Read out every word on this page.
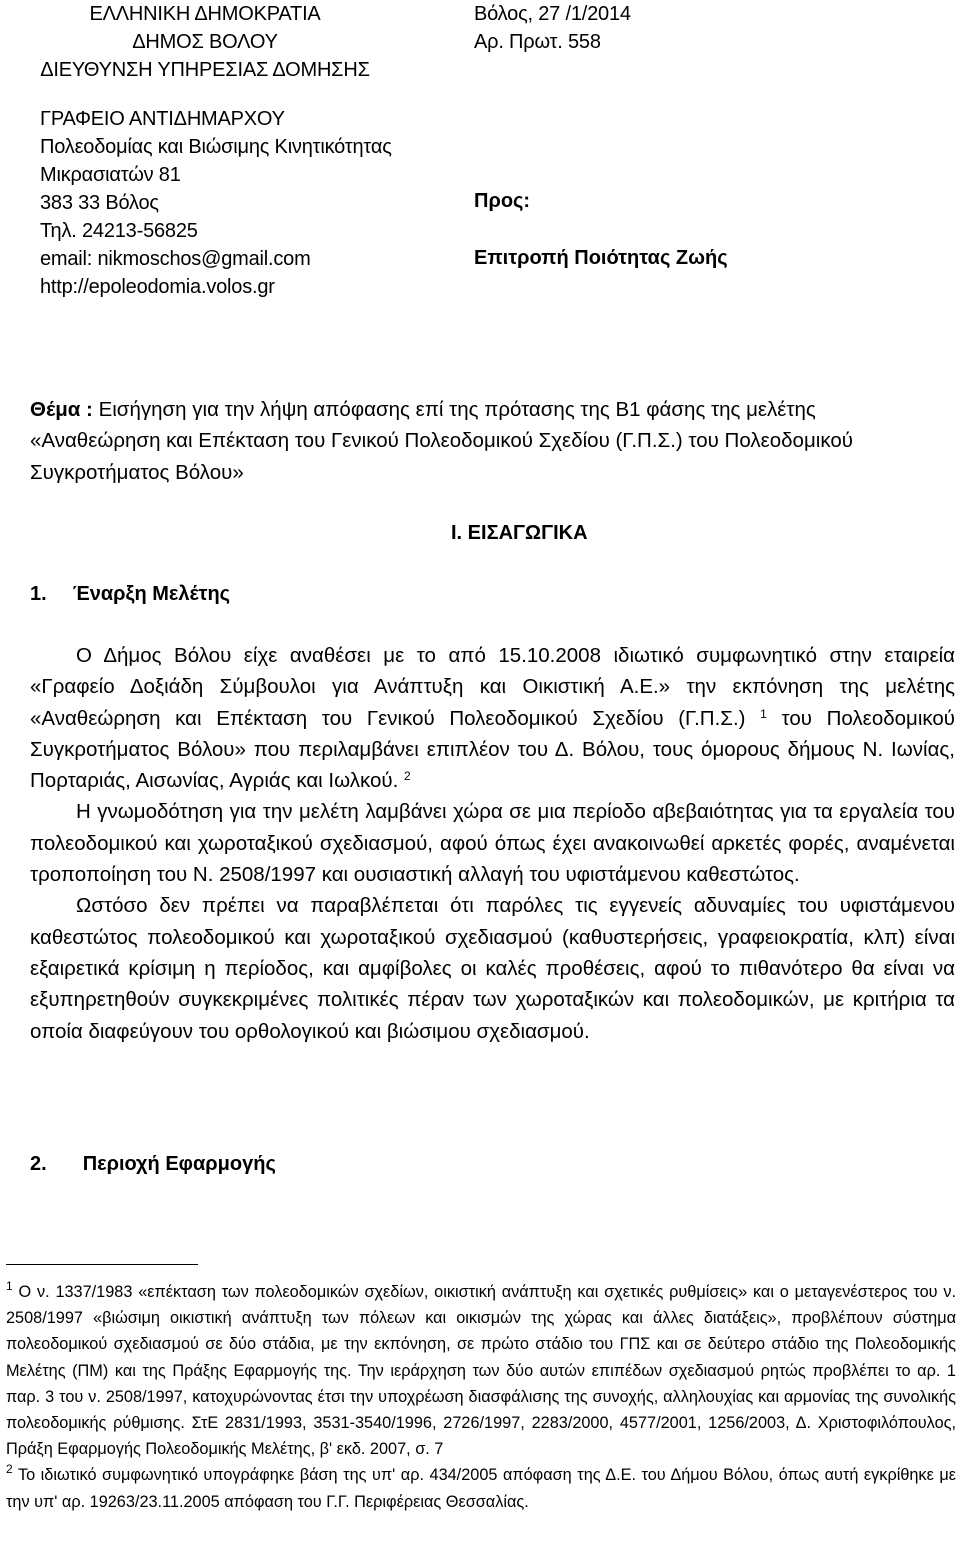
ΕΛΛΗΝΙΚΗ ΔΗΜΟΚΡΑΤΙΑ
ΔΗΜΟΣ ΒΟΛΟΥ
ΔΙΕΥΘΥΝΣΗ ΥΠΗΡΕΣΙΑΣ ΔΟΜΗΣΗΣ
ΓΡΑΦΕΙΟ ΑΝΤΙΔΗΜΑΡΧΟΥ
Πολεοδομίας και Βιώσιμης Κινητικότητας
Μικρασιατών 81
383 33 Βόλος
Τηλ. 24213-56825
email: nikmoschos@gmail.com
http://epoleodomia.volos.gr
Βόλος, 27 /1/2014
Αρ. Πρωτ. 558
Προς:
Επιτροπή Ποιότητας Ζωής
Θέμα : Εισήγηση για την λήψη απόφασης επί της πρότασης της Β1 φάσης της μελέτης
«Αναθεώρηση και Επέκταση του Γενικού Πολεοδομικού Σχεδίου (Γ.Π.Σ.) του Πολεοδομικού
Συγκροτήματος Βόλου»
Ι. ΕΙΣΑΓΩΓΙΚΑ
1. Έναρξη Μελέτης

Ο Δήμος Βόλου είχε αναθέσει με το από 15.10.2008 ιδιωτικό συμφωνητικό στην εταιρεία «Γραφείο Δοξιάδη Σύμβουλοι για Ανάπτυξη και Οικιστική Α.Ε.» την εκπόνηση της μελέτης «Αναθεώρηση και Επέκταση του Γενικού Πολεοδομικού Σχεδίου (Γ.Π.Σ.) $^1$ του Πολεοδομικού Συγκροτήματος Βόλου» που περιλαμβάνει επιπλέον του Δ. Βόλου, τους όμορους δήμους Ν. Ιωνίας, Πορταριάς, Αισωνίας, Αγριάς και Ιωλκού. $^2$

Η γνωμοδότηση για την μελέτη λαμβάνει χώρα σε μια περίοδο αβεβαιότητας για τα εργαλεία του πολεοδομικού και χωροταξικού σχεδιασμού, αφού όπως έχει ανακοινωθεί αρκετές φορές, αναμένεται τροποποίηση του Ν. 2508/1997 και ουσιαστική αλλαγή του υφιστάμενου καθεστώτος.

Ωστόσο δεν πρέπει να παραβλέπεται ότι παρόλες τις εγγενείς αδυναμίες του υφιστάμενου καθεστώτος πολεοδομικού και χωροταξικού σχεδιασμού (καθυστερήσεις, γραφειοκρατία, κλπ) είναι εξαιρετικά κρίσιμη η περίοδος, και αμφίβολες οι καλές προθέσεις, αφού το πιθανότερο θα είναι να εξυπηρετηθούν συγκεκριμένες πολιτικές πέραν των χωροταξικών και πολεοδομικών, με κριτήρια τα οποία διαφεύγουν του ορθολογικού και βιώσιμου σχεδιασμού.

2. Περιοχή Εφαρμογής

$^1$ Ο ν. 1337/1983 «επέκταση των πολεοδομικών σχεδίων, οικιστική ανάπτυξη και σχετικές ρυθμίσεις» και ο μεταγενέστερος του ν. 2508/1997 «βιώσιμη οικιστική ανάπτυξη των πόλεων και οικισμών της χώρας και άλλες διατάξεις», προβλέπουν σύστημα πολεοδομικού σχεδιασμού σε δύο στάδια, με την εκπόνηση, σε πρώτο στάδιο του ΓΠΣ και σε δεύτερο στάδιο της Πολεοδομικής Μελέτης (ΠΜ) και της Πράξης Εφαρμογής της. Την ιεράρχηση των δύο αυτών επιπέδων σχεδιασμού ρητώς προβλέπει το αρ. 1 παρ. 3 του ν. 2508/1997, κατοχυρώνοντας έτσι την υποχρέωση διασφάλισης της συνοχής, αλληλουχίας και αρμονίας της συνολικής πολεοδομικής ρύθμισης. ΣτΕ 2831/1993, 3531-3540/1996, 2726/1997, 2283/2000, 4577/2001, 1256/2003, Δ. Χριστοφιλόπουλος, Πράξη Εφαρμογής Πολεοδομικής Μελέτης, β' εκδ. 2007, σ. 7

$^2$ Το ιδιωτικό συμφωνητικό υπογράφηκε βάση της υπ' αρ. 434/2005 απόφαση της Δ.Ε. του Δήμου Βόλου, όπως αυτή εγκρίθηκε με την υπ' αρ. 19263/23.11.2005 απόφαση του Γ.Γ. Περιφέρειας Θεσσαλίας.
